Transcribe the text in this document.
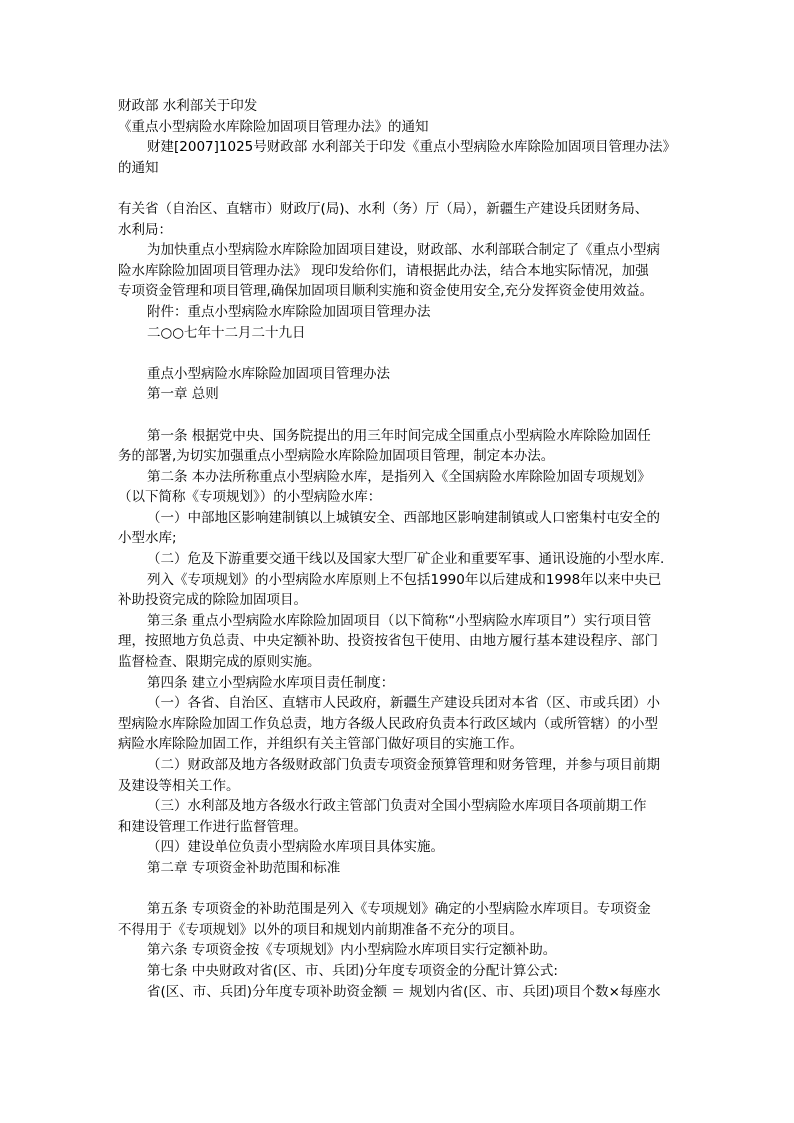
财政部 水利部关于印发
《重点小型病险水库除险加固项目管理办法》的通知
财建[2007]1025号财政部 水利部关于印发《重点小型病险水库除险加固项目管理办法》
的通知
有关省（自治区、直辖市）财政厅(局)、水利（务）厅（局），新疆生产建设兵团财务局、
水利局：
为加快重点小型病险水库除险加固项目建设，财政部、水利部联合制定了《重点小型病
险水库除险加固项目管理办法》 现印发给你们，请根据此办法，结合本地实际情况，加强
专项资金管理和项目管理,确保加固项目顺利实施和资金使用安全,充分发挥资金使用效益。
附件：重点小型病险水库除险加固项目管理办法
二○○七年十二月二十九日
重点小型病险水库除险加固项目管理办法
第一章 总则
第一条 根据党中央、国务院提出的用三年时间完成全国重点小型病险水库除险加固任
务的部署,为切实加强重点小型病险水库除险加固项目管理，制定本办法。
第二条 本办法所称重点小型病险水库，是指列入《全国病险水库除险加固专项规划》
（以下简称《专项规划》）的小型病险水库：
（一）中部地区影响建制镇以上城镇安全、西部地区影响建制镇或人口密集村屯安全的
小型水库;
（二）危及下游重要交通干线以及国家大型厂矿企业和重要军事、通讯设施的小型水库.
列入《专项规划》的小型病险水库原则上不包括1990年以后建成和1998年以来中央已
补助投资完成的除险加固项目。
第三条 重点小型病险水库除险加固项目（以下简称“小型病险水库项目”）实行项目管
理，按照地方负总责、中央定额补助、投资按省包干使用、由地方履行基本建设程序、部门
监督检查、限期完成的原则实施。
第四条 建立小型病险水库项目责任制度：
（一）各省、自治区、直辖市人民政府，新疆生产建设兵团对本省（区、市或兵团）小
型病险水库除险加固工作负总责，地方各级人民政府负责本行政区域内（或所管辖）的小型
病险水库除险加固工作，并组织有关主管部门做好项目的实施工作。
（二）财政部及地方各级财政部门负责专项资金预算管理和财务管理，并参与项目前期
及建设等相关工作。
（三）水利部及地方各级水行政主管部门负责对全国小型病险水库项目各项前期工作
和建设管理工作进行监督管理。
（四）建设单位负责小型病险水库项目具体实施。
第二章 专项资金补助范围和标准
第五条 专项资金的补助范围是列入《专项规划》确定的小型病险水库项目。专项资金
不得用于《专项规划》以外的项目和规划内前期准备不充分的项目。
第六条 专项资金按《专项规划》内小型病险水库项目实行定额补助。
第七条 中央财政对省(区、市、兵团)分年度专项资金的分配计算公式:
省(区、市、兵团)分年度专项补助资金额 ＝ 规划内省(区、市、兵团)项目个数×每座水
